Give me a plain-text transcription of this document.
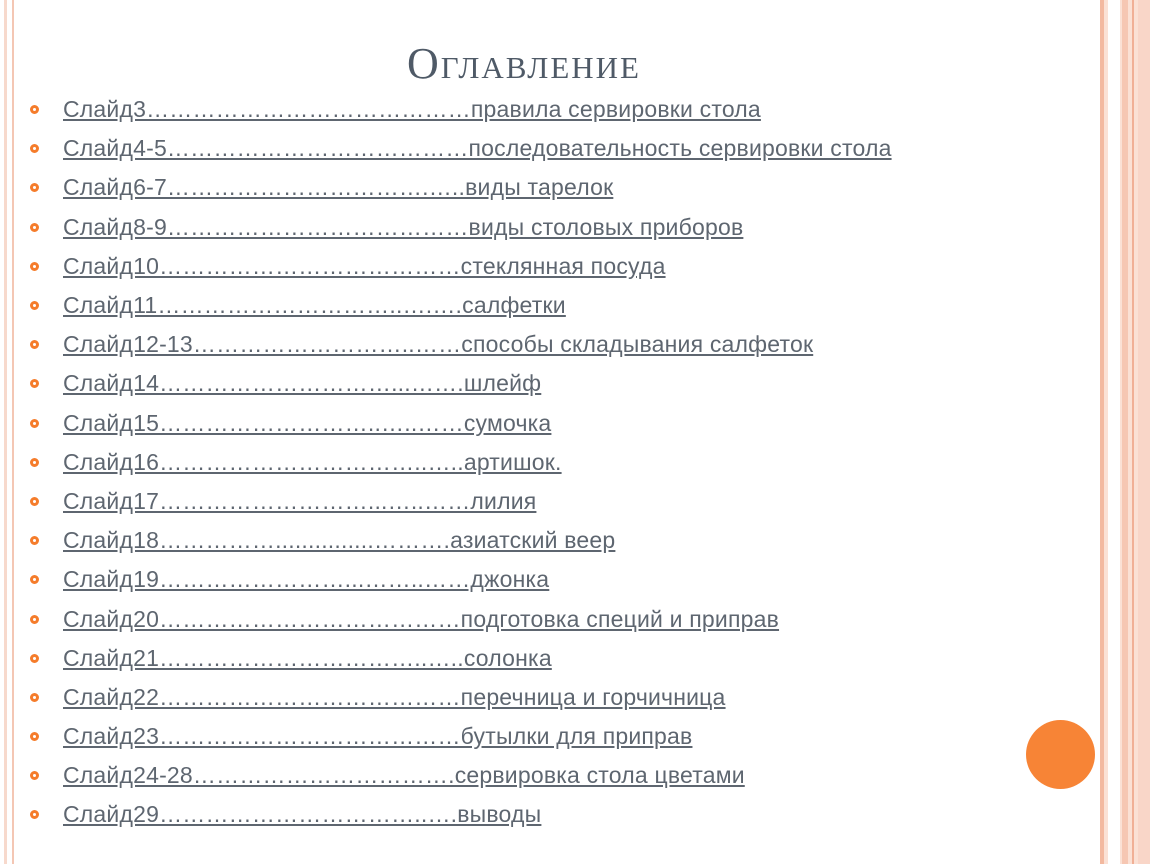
Оглавление
Слайд3……………………………………правила сервировки стола
Слайд4-5…………………………………последовательность сервировки стола
Слайд6-7…………………………….…..виды тарелок
Слайд8-9…………………………………виды столовых приборов
Слайд10…………………………………стеклянная посуда
Слайд11…………………………..….….салфетки
Слайд12-13………………………..……способы складывания салфеток
Слайд14…………………………...…….шлейф
Слайд15………………………..…..……сумочка
Слайд16……………………………..…..артишок.
Слайд17………………………...…..……лилия
Слайд18……………...............……….азиатский веер
Слайд19……………………...……..……джонка
Слайд20…………………………………подготовка специй и приправ
Слайд21……………………………..…..солонка
Слайд22…………………………………перечница и горчичница
Слайд23…………………………………бутылки для приправ
Слайд24-28…………………………….сервировка стола цветами
Слайд29……………………………..….выводы
